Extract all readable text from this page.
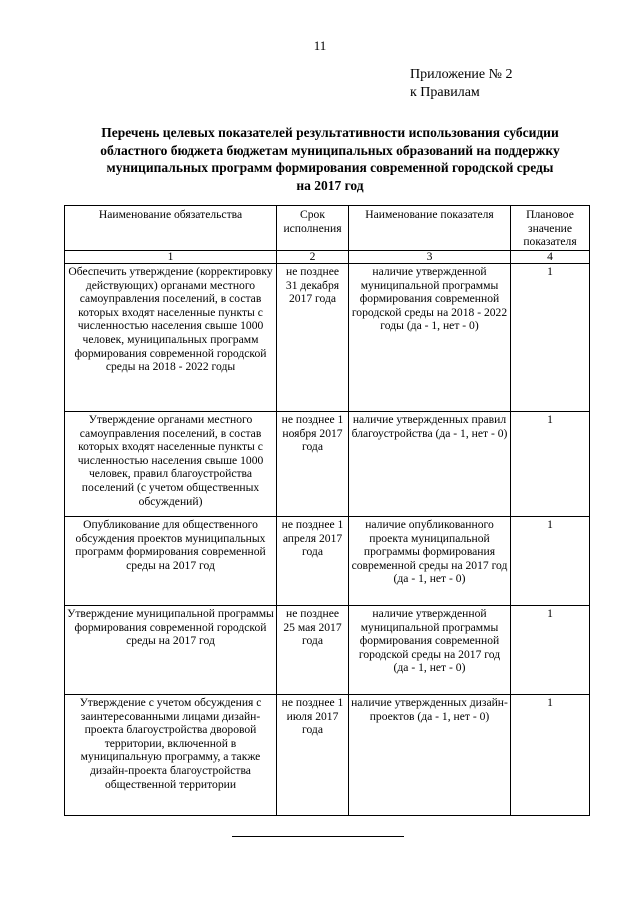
11
Приложение № 2
к Правилам
Перечень целевых показателей результативности использования субсидии
областного бюджета бюджетам муниципальных образований на поддержку
муниципальных программ формирования современной городской среды
на 2017 год
Наименование обязательства	Срок исполнения	Наименование показателя	Плановое значение показателя
1	2	3	4
Обеспечить утверждение (корректировку действующих) органами местного самоуправления поселений, в состав которых входят населенные пункты с численностью населения свыше 1000 человек, муниципальных программ формирования современной городской среды на 2018 - 2022 годы	не позднее 31 декабря 2017 года	наличие утвержденной муниципальной программы формирования современной городской среды на 2018 - 2022 годы (да - 1, нет - 0)	1
Утверждение органами местного самоуправления поселений, в состав которых входят населенные пункты с численностью населения свыше 1000 человек, правил благоустройства поселений (с учетом общественных обсуждений)	не позднее 1 ноября 2017 года	наличие утвержденных правил благоустройства (да - 1, нет - 0)	1
Опубликование для общественного обсуждения проектов муниципальных программ формирования современной среды на 2017 год	не позднее 1 апреля 2017 года	наличие опубликованного проекта муниципальной программы формирования современной среды на 2017 год (да - 1, нет - 0)	1
Утверждение муниципальной программы формирования современной городской среды на 2017 год	не позднее 25 мая 2017 года	наличие утвержденной муниципальной программы формирования современной городской среды на 2017 год (да - 1, нет - 0)	1
Утверждение с учетом обсуждения с заинтересованными лицами дизайн-проекта благоустройства дворовой территории, включенной в муниципальную программу, а также дизайн-проекта благоустройства общественной территории	не позднее 1 июля 2017 года	наличие утвержденных дизайн-проектов (да - 1, нет - 0)	1
